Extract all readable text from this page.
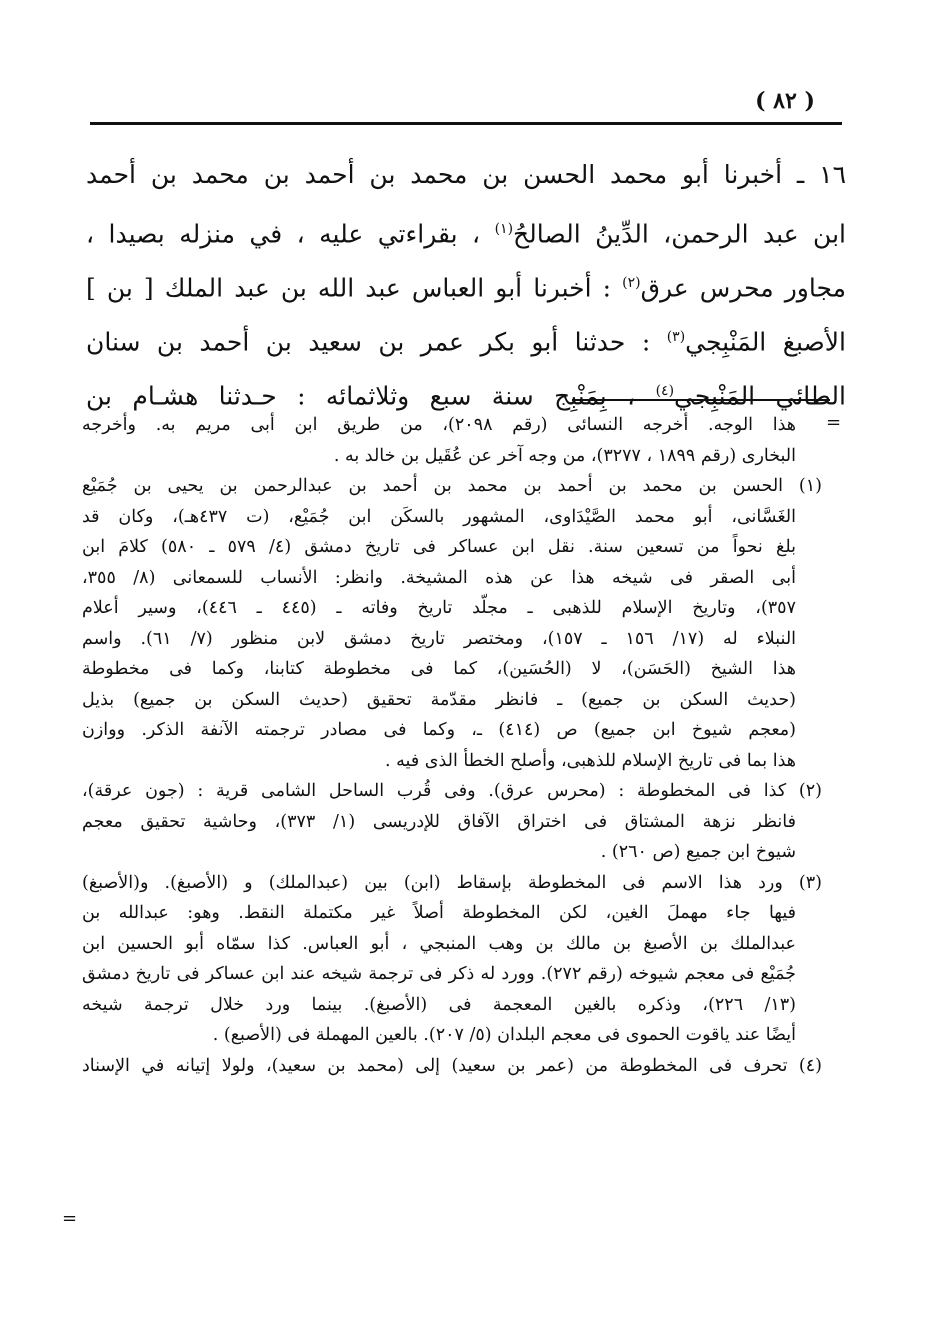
( ٨٢ )
١٦ ـ أخبرنا أبو محمد الحسن بن محمد بن أحمد بن محمد بن أحمد
ابن عبد الرحمن، الدِّينُ الصالحُ$^{(١)}$ ، بقراءتي عليه ، في منزله بصيدا ،
مجاور محرس عرق$^{(٢)}$ : أخبرنا أبو العباس عبد الله بن عبد الملك [ بن ]
الأصبغ المَنْبِجي$^{(٣)}$ : حدثنا أبو بكر عمر بن سعيد بن أحمد بن سنان
الطائي المَنْبِجي$^{(٤)}$ ، بِمَنْبِج سنة سبع وثلاثمائه : حـدثنا هشـام بن
=
هذا الوجه. أخرجه النسائى (رقم ٢٠٩٨)، من طريق ابن أبى مريم به. وأخرجه
البخارى (رقم ١٨٩٩ ، ٣٢٧٧)، من وجه آخر عن عُقَيل بن خالد به .
(١) الحسن بن محمد بن أحمد بن محمد بن أحمد بن عبدالرحمن بن يحيى بن جُمَيْع
الغَسَّانى، أبو محمد الصَّيْدَاوى، المشهور بالسكَن ابن جُمَيْع، (ت ٤٣٧هـ)، وكان قد
بلغ نحواً من تسعين سنة. نقل ابن عساكر فى تاريخ دمشق (٤/ ٥٧٩ ـ ٥٨٠) كلامَ ابن
أبى الصقر فى شيخه هذا عن هذه المشيخة. وانظر: الأنساب للسمعانى (٨/ ٣٥٥،
٣٥٧)، وتاريخ الإسلام للذهبى ـ مجلّد تاريخ وفاته ـ (٤٤٥ ـ ٤٤٦)، وسير أعلام
النبلاء له (١٧/ ١٥٦ ـ ١٥٧)، ومختصر تاريخ دمشق لابن منظور (٧/ ٦١). واسم
هذا الشيخ (الحَسَن)، لا (الحُسَين)، كما فى مخطوطة كتابنا، وكما فى مخطوطة
(حديث السكن بن جميع) ـ فانظر مقدّمة تحقيق (حديث السكن بن جميع) بذيل
(معجم شيوخ ابن جميع) ص (٤١٤) ـ، وكما فى مصادر ترجمته الآنفة الذكر. ووازن
هذا بما فى تاريخ الإسلام للذهبى، وأصلح الخطأ الذى فيه .
(٢) كذا فى المخطوطة : (محرس عرق). وفى قُرب الساحل الشامى قرية : (جون عرقة)،
فانظر نزهة المشتاق فى اختراق الآفاق للإدريسى (١/ ٣٧٣)، وحاشية تحقيق معجم
شيوخ ابن جميع (ص ٢٦٠) .
(٣) ورد هذا الاسم فى المخطوطة بإسقاط (ابن) بين (عبدالملك) و (الأصبغ). و(الأصبغ)
فيها جاء مهملَ الغين، لكن المخطوطة أصلاً غير مكتملة النقط. وهو: عبدالله بن
عبدالملك بن الأصبغ بن مالك بن وهب المنبجي ، أبو العباس. كذا سمّاه أبو الحسين ابن
جُمَيْع فى معجم شيوخه (رقم ٢٧٢). وورد له ذكر فى ترجمة شيخه عند ابن عساكر فى تاريخ دمشق
(١٣/ ٢٢٦)، وذكره بالغين المعجمة فى (الأصبغ). بينما ورد خلال ترجمة شيخه
أيضًا عند ياقوت الحموى فى معجم البلدان (٥/ ٢٠٧). بالعين المهملة فى (الأصبع) .
(٤) تحرف فى المخطوطة من (عمر بن سعيد) إلى (محمد بن سعيد)، ولولا إتيانه في الإسناد
=
